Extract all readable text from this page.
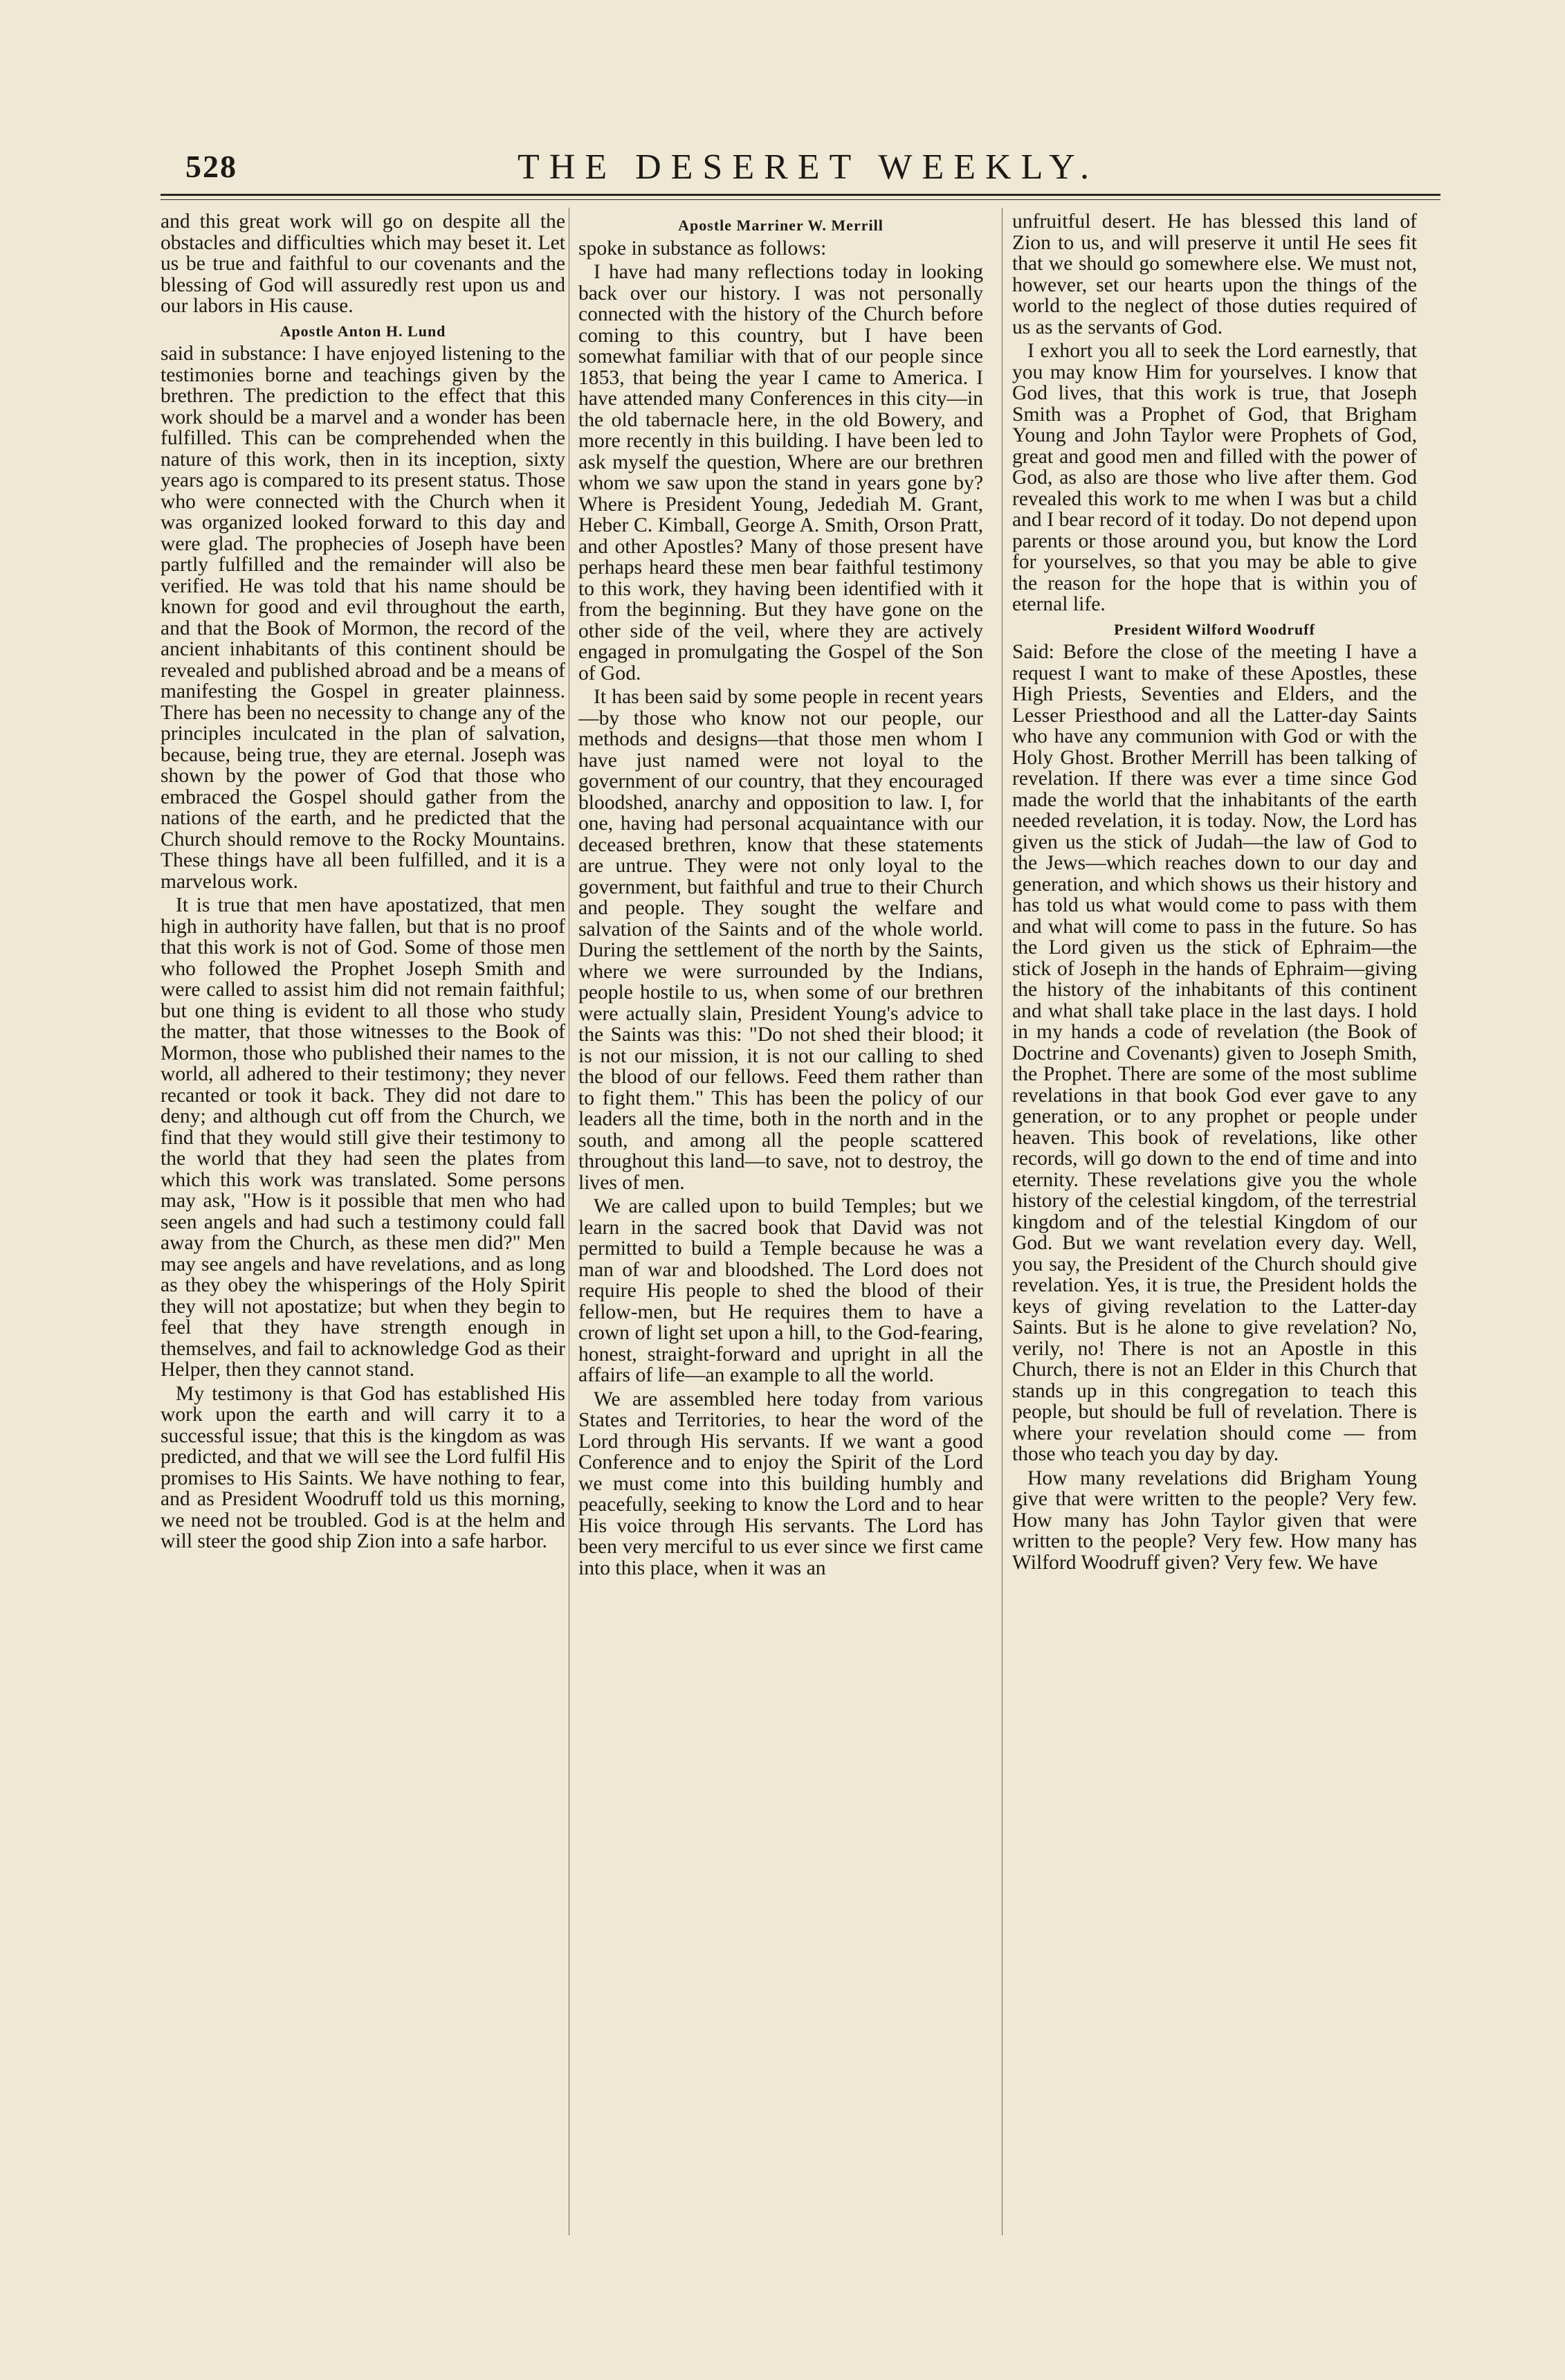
528	THE DESERET WEEKLY.

and this great work will go on despite all the obstacles and difficulties which may beset it. Let us be true and faithful to our covenants and the blessing of God will assuredly rest upon us and our labors in His cause.

Apostle Anton H. Lund

said in substance: I have enjoyed listening to the testimonies borne and teachings given by the brethren. The prediction to the effect that this work should be a marvel and a wonder has been fulfilled. This can be comprehended when the nature of this work, then in its inception, sixty years ago is compared to its present status. Those who were connected with the Church when it was organized looked forward to this day and were glad. The prophecies of Joseph have been partly fulfilled and the remainder will also be verified. He was told that his name should be known for good and evil throughout the earth, and that the Book of Mormon, the record of the ancient inhabitants of this continent should be revealed and published abroad and be a means of manifesting the Gospel in greater plainness. There has been no necessity to change any of the principles inculcated in the plan of salvation, because, being true, they are eternal. Joseph was shown by the power of God that those who embraced the Gospel should gather from the nations of the earth, and he predicted that the Church should remove to the Rocky Mountains. These things have all been fulfilled, and it is a marvelous work.

It is true that men have apostatized, that men high in authority have fallen, but that is no proof that this work is not of God. Some of those men who followed the Prophet Joseph Smith and were called to assist him did not remain faithful; but one thing is evident to all those who study the matter, that those witnesses to the Book of Mormon, those who published their names to the world, all adhered to their testimony; they never recanted or took it back. They did not dare to deny; and although cut off from the Church, we find that they would still give their testimony to the world that they had seen the plates from which this work was translated. Some persons may ask, "How is it possible that men who had seen angels and had such a testimony could fall away from the Church, as these men did?" Men may see angels and have revelations, and as long as they obey the whisperings of the Holy Spirit they will not apostatize; but when they begin to feel that they have strength enough in themselves, and fail to acknowledge God as their Helper, then they cannot stand.

My testimony is that God has established His work upon the earth and will carry it to a successful issue; that this is the kingdom as was predicted, and that we will see the Lord fulfil His promises to His Saints. We have nothing to fear, and as President Woodruff told us this morning, we need not be troubled. God is at the helm and will steer the good ship Zion into a safe harbor.

Apostle Marriner W. Merrill

spoke in substance as follows:

I have had many reflections today in looking back over our history. I was not personally connected with the history of the Church before coming to this country, but I have been somewhat familiar with that of our people since 1853, that being the year I came to America. I have attended many Conferences in this city—in the old tabernacle here, in the old Bowery, and more recently in this building. I have been led to ask myself the question, Where are our brethren whom we saw upon the stand in years gone by? Where is President Young, Jedediah M. Grant, Heber C. Kimball, George A. Smith, Orson Pratt, and other Apostles? Many of those present have perhaps heard these men bear faithful testimony to this work, they having been identified with it from the beginning. But they have gone on the other side of the veil, where they are actively engaged in promulgating the Gospel of the Son of God.

It has been said by some people in recent years—by those who know not our people, our methods and designs—that those men whom I have just named were not loyal to the government of our country, that they encouraged bloodshed, anarchy and opposition to law. I, for one, having had personal acquaintance with our deceased brethren, know that these statements are untrue. They were not only loyal to the government, but faithful and true to their Church and people. They sought the welfare and salvation of the Saints and of the whole world. During the settlement of the north by the Saints, where we were surrounded by the Indians, people hostile to us, when some of our brethren were actually slain, President Young's advice to the Saints was this: "Do not shed their blood; it is not our mission, it is not our calling to shed the blood of our fellows. Feed them rather than to fight them." This has been the policy of our leaders all the time, both in the north and in the south, and among all the people scattered throughout this land—to save, not to destroy, the lives of men.

We are called upon to build Temples; but we learn in the sacred book that David was not permitted to build a Temple because he was a man of war and bloodshed. The Lord does not require His people to shed the blood of their fellow-men, but He requires them to have a crown of light set upon a hill, to the God-fearing, honest, straight-forward and upright in all the affairs of life—an example to all the world.

We are assembled here today from various States and Territories, to hear the word of the Lord through His servants. If we want a good Conference and to enjoy the Spirit of the Lord we must come into this building humbly and peacefully, seeking to know the Lord and to hear His voice through His servants. The Lord has been very merciful to us ever since we first came into this place, when it was an

unfruitful desert. He has blessed this land of Zion to us, and will preserve it until He sees fit that we should go somewhere else. We must not, however, set our hearts upon the things of the world to the neglect of those duties required of us as the servants of God.

I exhort you all to seek the Lord earnestly, that you may know Him for yourselves. I know that God lives, that this work is true, that Joseph Smith was a Prophet of God, that Brigham Young and John Taylor were Prophets of God, great and good men and filled with the power of God, as also are those who live after them. God revealed this work to me when I was but a child and I bear record of it today. Do not depend upon parents or those around you, but know the Lord for yourselves, so that you may be able to give the reason for the hope that is within you of eternal life.

President Wilford Woodruff

Said: Before the close of the meeting I have a request I want to make of these Apostles, these High Priests, Seventies and Elders, and the Lesser Priesthood and all the Latter-day Saints who have any communion with God or with the Holy Ghost. Brother Merrill has been talking of revelation. If there was ever a time since God made the world that the inhabitants of the earth needed revelation, it is today. Now, the Lord has given us the stick of Judah—the law of God to the Jews—which reaches down to our day and generation, and which shows us their history and has told us what would come to pass with them and what will come to pass in the future. So has the Lord given us the stick of Ephraim—the stick of Joseph in the hands of Ephraim—giving the history of the inhabitants of this continent and what shall take place in the last days. I hold in my hands a code of revelation (the Book of Doctrine and Covenants) given to Joseph Smith, the Prophet. There are some of the most sublime revelations in that book God ever gave to any generation, or to any prophet or people under heaven. This book of revelations, like other records, will go down to the end of time and into eternity. These revelations give you the whole history of the celestial kingdom, of the terrestrial kingdom and of the telestial Kingdom of our God. But we want revelation every day. Well, you say, the President of the Church should give revelation. Yes, it is true, the President holds the keys of giving revelation to the Latter-day Saints. But is he alone to give revelation? No, verily, no! There is not an Apostle in this Church, there is not an Elder in this Church that stands up in this congregation to teach this people, but should be full of revelation. There is where your revelation should come — from those who teach you day by day.

How many revelations did Brigham Young give that were written to the people? Very few. How many has John Taylor given that were written to the people? Very few. How many has Wilford Woodruff given? Very few. We have
